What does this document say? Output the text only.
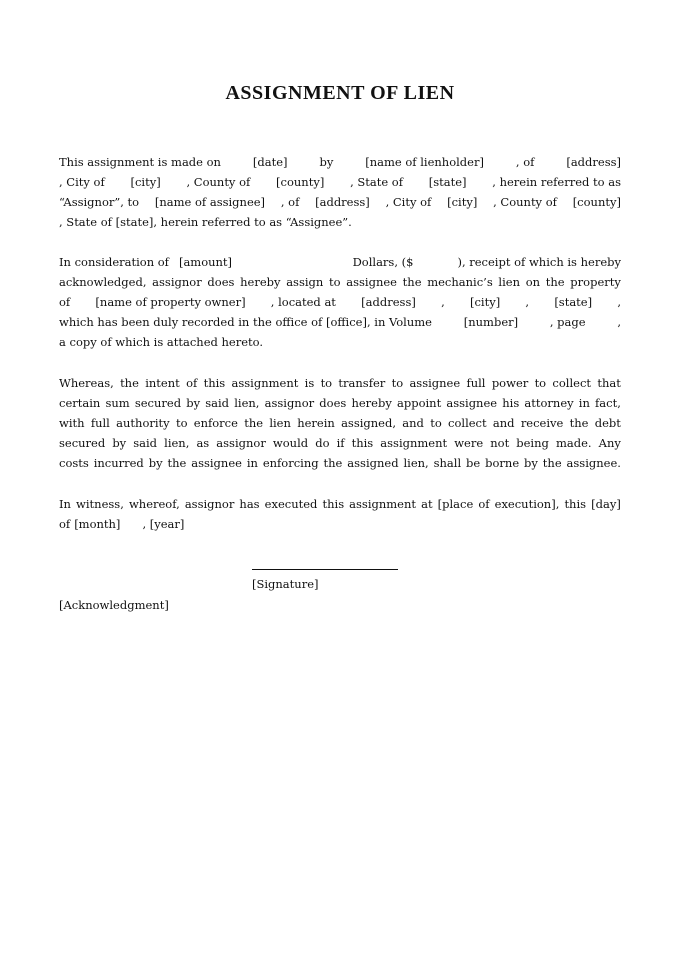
ASSIGNMENT OF LIEN
This assignment is made on	[date]	by	[name of lienholder]	, of	[address]
, City of [city] , County of [county] , State of [state] , herein referred to as
“Assignor”, to [name of assignee] , of [address] , City of [city] , County of [county]
, State of [state], herein referred to as “Assignee”.
In consideration of [amount]	Dollars, ($	), receipt of which is hereby
acknowledged, assignor does hereby assign to assignee the mechanic’s lien on the property
of [name of property owner] , located at [address] , [city] , [state] ,
which has been duly recorded in the office of [office], in Volume	[number]	, page	,
a copy of which is attached hereto.
Whereas, the intent of this assignment is to transfer to assignee full power to collect that
certain sum secured by said lien, assignor does hereby appoint assignee his attorney in fact,
with full authority to enforce the lien herein assigned, and to collect and receive the debt
secured by said lien, as assignor would do if this assignment were not being made. Any
costs incurred by the assignee in enforcing the assigned lien, shall be borne by the assignee.
In witness, whereof, assignor has executed this assignment at [place of execution], this [day]
of [month] , [year]
[Signature]
[Acknowledgment]
